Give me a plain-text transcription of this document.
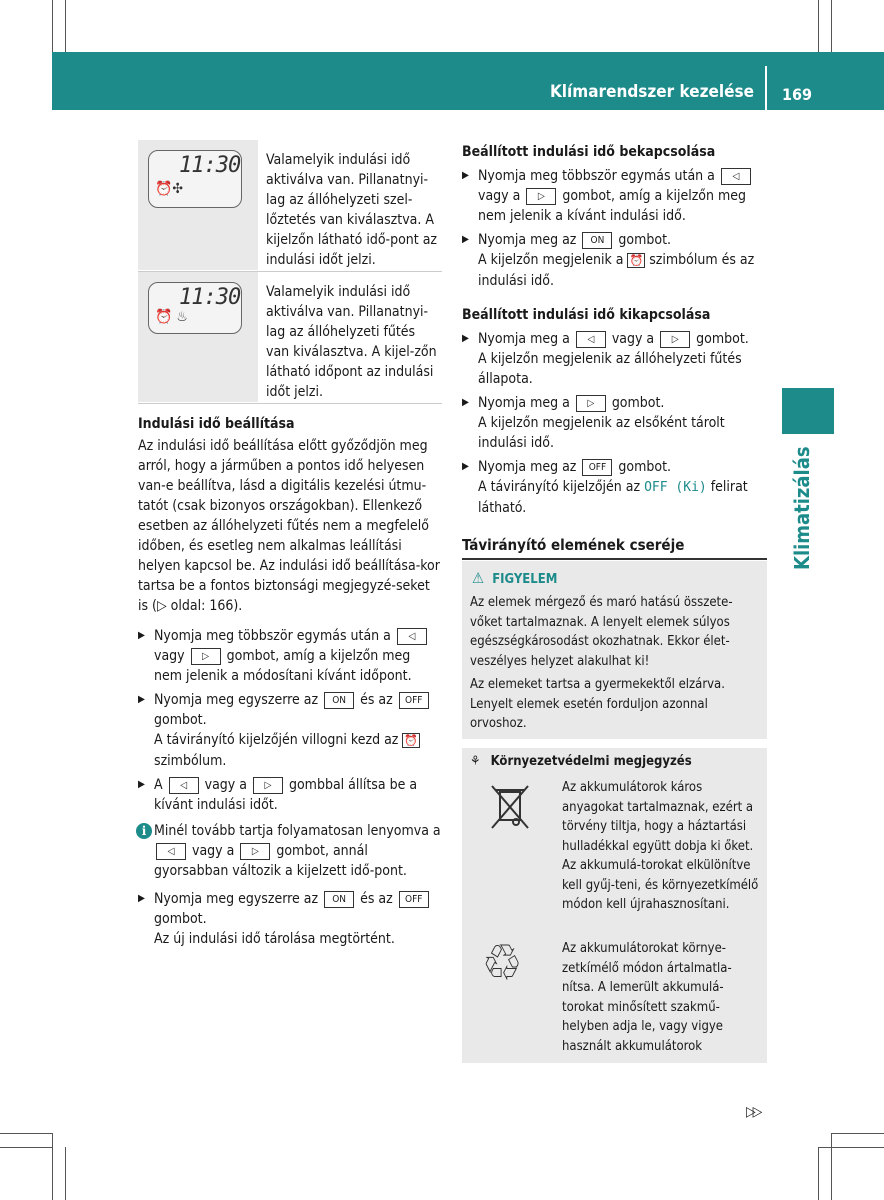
Klímarendszer kezelése 169
Klimatizálás
11:30
⏰✣
Valamelyik indulási idő aktiválva van. Pillanatnyi-lag az állóhelyzeti szel-lőztetés van kiválasztva. A kijelzőn látható idő-pont az indulási időt jelzi.
11:30
⏰ ♨
Valamelyik indulási idő aktiválva van. Pillanatnyi-lag az állóhelyzeti fűtés van kiválasztva. A kijel-zőn látható időpont az indulási időt jelzi.
Indulási idő beállítása

Az indulási idő beállítása előtt győződjön meg arról, hogy a járműben a pontos idő helyesen van-e beállítva, lásd a digitális kezelési útmu-tatót (csak bizonyos országokban). Ellenkező esetben az állóhelyzeti fűtés nem a megfelelő időben, és esetleg nem alkalmas leállítási helyen kapcsol be. Az indulási idő beállítása-kor tartsa be a fontos biztonsági megjegyzé-seket is (▷ oldal: 166).

▶ Nyomja meg többször egymás után a ◁ vagy ▷ gombot, amíg a kijelzőn meg nem jelenik a módosítani kívánt időpont.
▶ Nyomja meg egyszerre az ON és az OFF gombot.
A távirányító kijelzőjén villogni kezd az ⏰ szimbólum.
▶ A ◁ vagy a ▷ gombbal állítsa be a kívánt indulási időt.
i Minél tovább tartja folyamatosan lenyomva a ◁ vagy a ▷ gombot, annál gyorsabban változik a kijelzett idő-pont.
▶ Nyomja meg egyszerre az ON és az OFF gombot.
Az új indulási idő tárolása megtörtént.
Beállított indulási idő bekapcsolása
▶ Nyomja meg többször egymás után a ◁ vagy a ▷ gombot, amíg a kijelzőn meg nem jelenik a kívánt indulási idő.
▶ Nyomja meg az ON gombot.
A kijelzőn megjelenik a ⏰ szimbólum és az indulási idő.
Beállított indulási idő kikapcsolása
▶ Nyomja meg a ◁ vagy a ▷ gombot.
A kijelzőn megjelenik az állóhelyzeti fűtés állapota.
▶ Nyomja meg a ▷ gombot.
A kijelzőn megjelenik az elsőként tárolt indulási idő.
▶ Nyomja meg az OFF gombot.
A távirányító kijelzőjén az OFF (Ki) felirat látható.
Távirányító elemének cseréje
⚠ FIGYELEM

Az elemek mérgező és maró hatású összete-vőket tartalmaznak. A lenyelt elemek súlyos egészségkárosodást okozhatnak. Ekkor élet-veszélyes helyzet alakulhat ki!

Az elemeket tartsa a gyermekektől elzárva. Lenyelt elemek esetén forduljon azonnal orvoshoz.

⚘ Környezetvédelmi megjegyzés

Az akkumulátorok káros anyagokat tartalmaznak, ezért a törvény tiltja, hogy a háztartási hulladékkal együtt dobja ki őket. Az akkumulá-torokat elkülönítve kell gyűj-teni, és környezetkímélő módon kell újrahasznosítani.

♲	Az akkumulátorokat környe-zetkímélő módon ártalmatla-nítsa. A lemerült akkumulá-torokat minősített szakmű-helyben adja le, vagy vigye használt akkumulátorok

▷▷
